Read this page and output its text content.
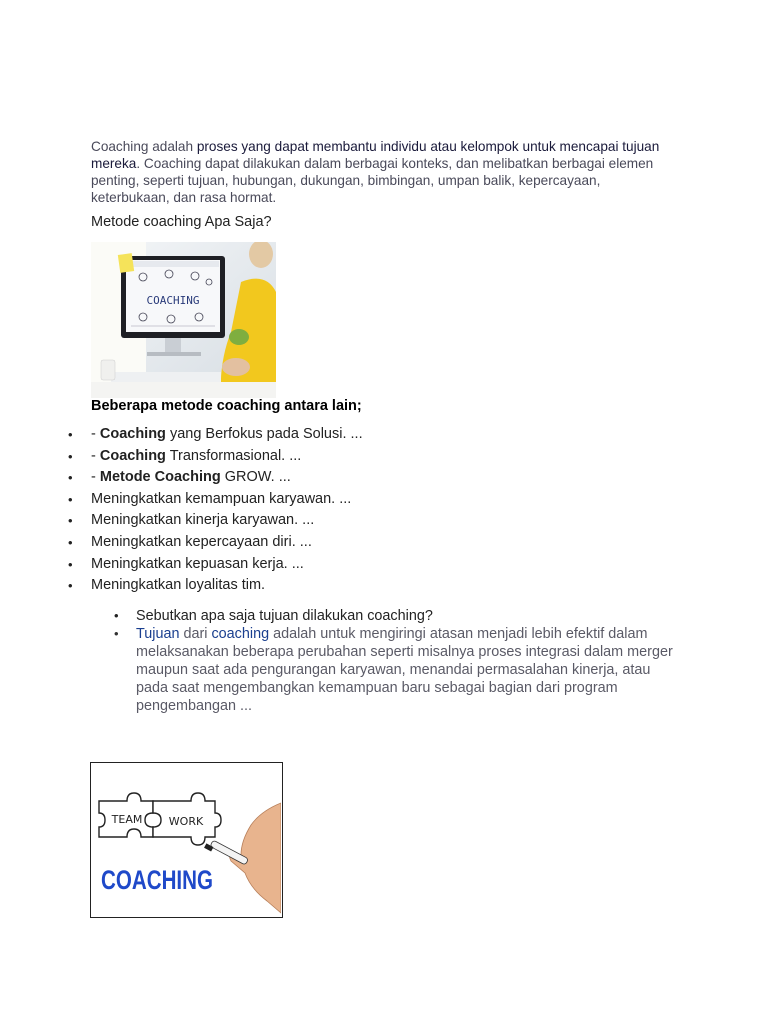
Coaching adalah proses yang dapat membantu individu atau kelompok untuk mencapai tujuan mereka. Coaching dapat dilakukan dalam berbagai konteks, dan melibatkan berbagai elemen penting, seperti tujuan, hubungan, dukungan, bimbingan, umpan balik, kepercayaan, keterbukaan, dan rasa hormat.

Metode coaching Apa Saja?
COACHING
Beberapa metode coaching antara lain;
• - Coaching yang Berfokus pada Solusi. ...
• - Coaching Transformasional. ...
• - Metode Coaching GROW. ...
• Meningkatkan kemampuan karyawan. ...
• Meningkatkan kinerja karyawan. ...
• Meningkatkan kepercayaan diri. ...
• Meningkatkan kepuasan kerja. ...
• Meningkatkan loyalitas tim.
• Sebutkan apa saja tujuan dilakukan coaching?
• Tujuan dari coaching adalah untuk mengiringi atasan menjadi lebih efektif dalam melaksanakan beberapa perubahan seperti misalnya proses integrasi dalam merger maupun saat ada pengurangan karyawan, menandai permasalahan kinerja, atau pada saat mengembangkan kemampuan baru sebagai bagian dari program pengembangan ...
TEAM WORK
COACHING
